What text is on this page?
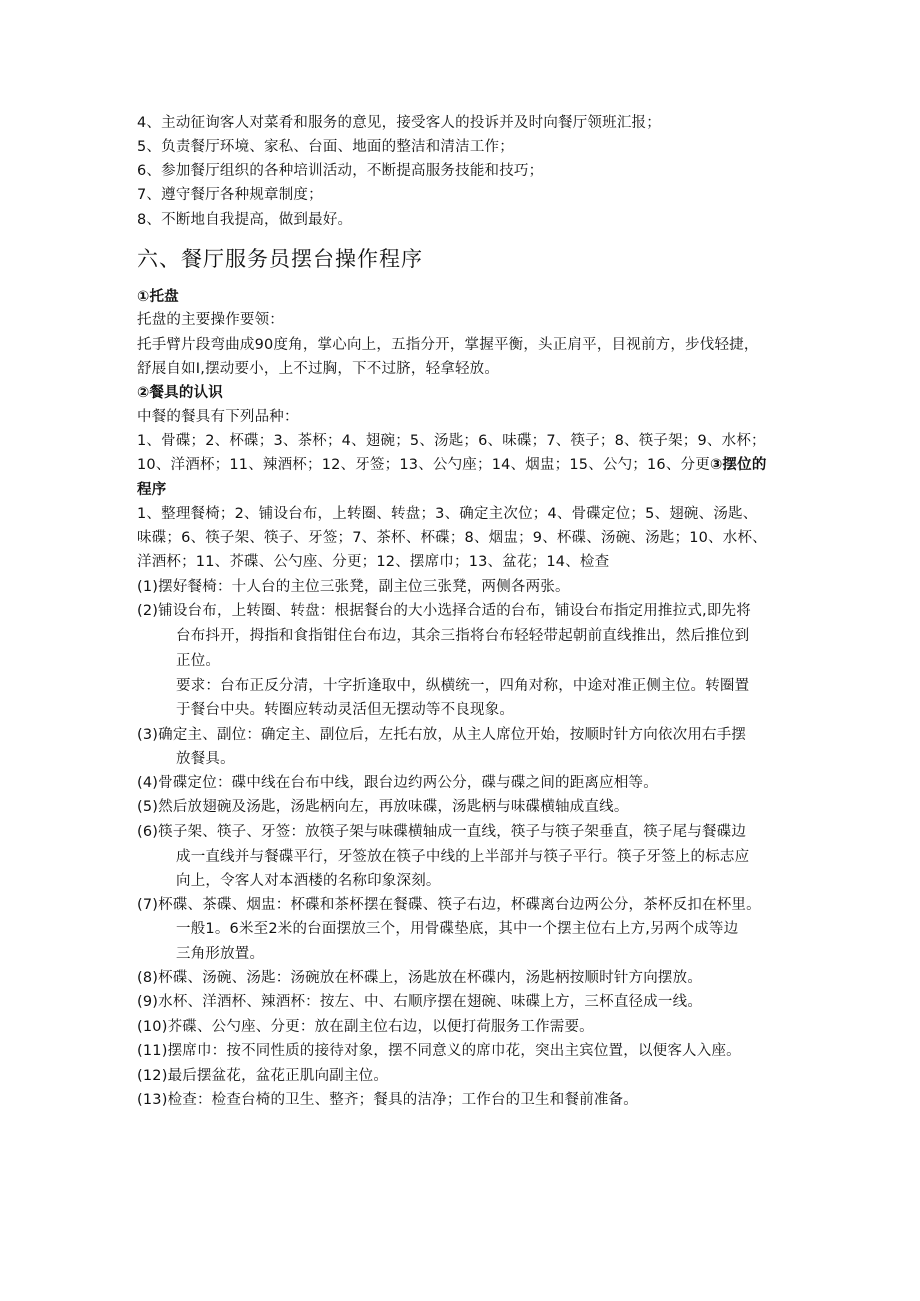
4、主动征询客人对菜肴和服务的意见，接受客人的投诉并及时向餐厅领班汇报；
5、负责餐厅环境、家私、台面、地面的整洁和清洁工作；
6、参加餐厅组织的各种培训活动，不断提高服务技能和技巧；
7、遵守餐厅各种规章制度；
8、不断地自我提高，做到最好。
六、餐厅服务员摆台操作程序
①托盘
托盘的主要操作要领：
托手臂片段弯曲成90度角，掌心向上，五指分开，掌握平衡，头正肩平，目视前方，步伐轻捷，
舒展自如I,摆动要小，上不过胸，下不过脐，轻拿轻放。
②餐具的认识
中餐的餐具有下列品种：
1、骨碟；2、杯碟；3、茶杯；4、翅碗；5、汤匙；6、味碟；7、筷子；8、筷子架；9、水杯；
10、洋酒杯；11、辣酒杯；12、牙签；13、公勺座；14、烟盅；15、公勺；16、分更③摆位的
程序
1、整理餐椅；2、铺设台布，上转圈、转盘；3、确定主次位；4、骨碟定位；5、翅碗、汤匙、
味碟；6、筷子架、筷子、牙签；7、茶杯、杯碟；8、烟盅；9、杯碟、汤碗、汤匙；10、水杯、
洋酒杯；11、芥碟、公勺座、分更；12、摆席巾；13、盆花；14、检查
(1)摆好餐椅：十人台的主位三张凳，副主位三张凳，两侧各两张。
(2)铺设台布，上转圈、转盘：根据餐台的大小选择合适的台布，铺设台布指定用推拉式,即先将
台布抖开，拇指和食指钳住台布边，其余三指将台布轻轻带起朝前直线推出，然后推位到
正位。
要求：台布正反分清，十字折逢取中，纵横统一，四角对称，中途对准正侧主位。转圈置
于餐台中央。转圈应转动灵活但无摆动等不良现象。
(3)确定主、副位：确定主、副位后，左托右放，从主人席位开始，按顺时针方向依次用右手摆
放餐具。
(4)骨碟定位：碟中线在台布中线，跟台边约两公分，碟与碟之间的距离应相等。
(5)然后放翅碗及汤匙，汤匙柄向左，再放味碟，汤匙柄与味碟横轴成直线。
(6)筷子架、筷子、牙签：放筷子架与味碟横轴成一直线，筷子与筷子架垂直，筷子尾与餐碟边
成一直线并与餐碟平行，牙签放在筷子中线的上半部并与筷子平行。筷子牙签上的标志应
向上，令客人对本酒楼的名称印象深刻。
(7)杯碟、茶碟、烟盅：杯碟和茶杯摆在餐碟、筷子右边，杯碟离台边两公分，茶杯反扣在杯里。
一般1。6米至2米的台面摆放三个，用骨碟垫底，其中一个摆主位右上方,另两个成等边
三角形放置。
(8)杯碟、汤碗、汤匙：汤碗放在杯碟上，汤匙放在杯碟内，汤匙柄按顺时针方向摆放。
(9)水杯、洋酒杯、辣酒杯：按左、中、右顺序摆在翅碗、味碟上方，三杯直径成一线。
(10)芥碟、公勺座、分更：放在副主位右边，以便打荷服务工作需要。
(11)摆席巾：按不同性质的接待对象，摆不同意义的席巾花，突出主宾位置，以便客人入座。
(12)最后摆盆花，盆花正肌向副主位。
(13)检查：检查台椅的卫生、整齐；餐具的洁净；工作台的卫生和餐前准备。
